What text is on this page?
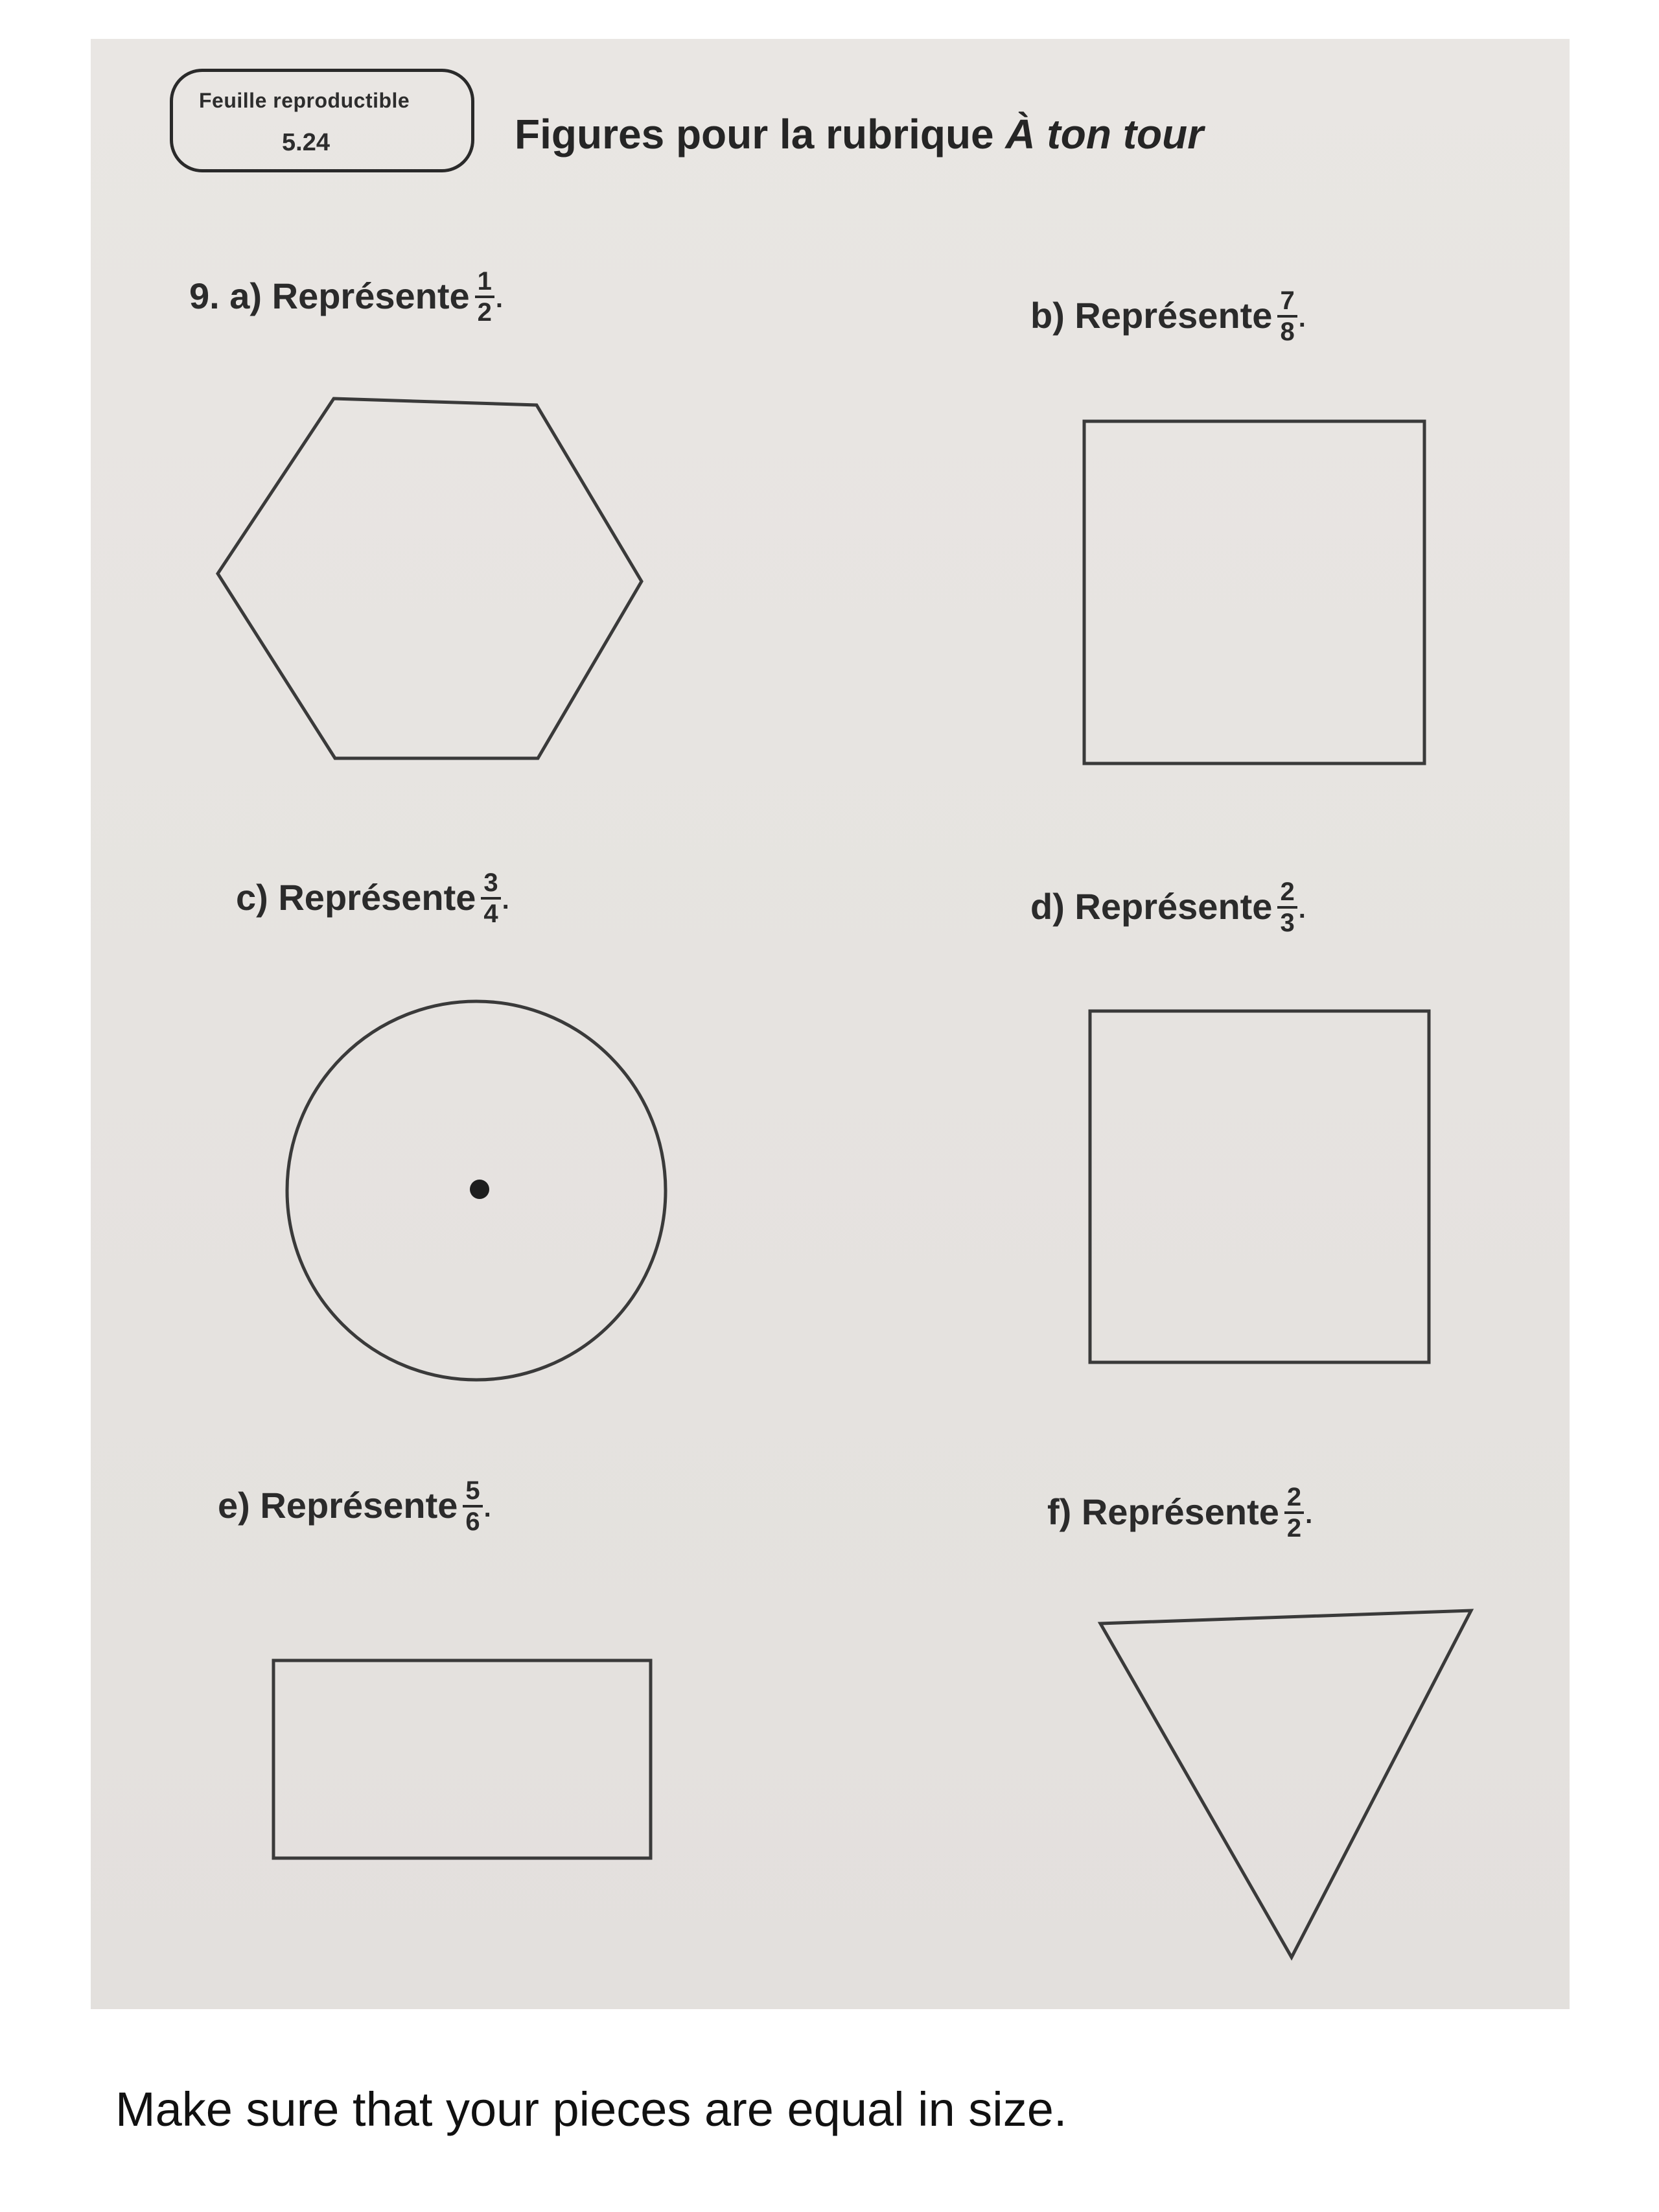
Feuille reproductible
5.24	Figures pour la rubrique À ton tour
9. a) Représente $\frac{1}{2}$ .	b) Représente $\frac{7}{8}$ .
c) Représente $\frac{3}{4}$ .	d) Représente $\frac{2}{3}$ .
e) Représente $\frac{5}{6}$ .	f) Représente $\frac{2}{2}$ .
Make sure that your pieces are equal in size.
